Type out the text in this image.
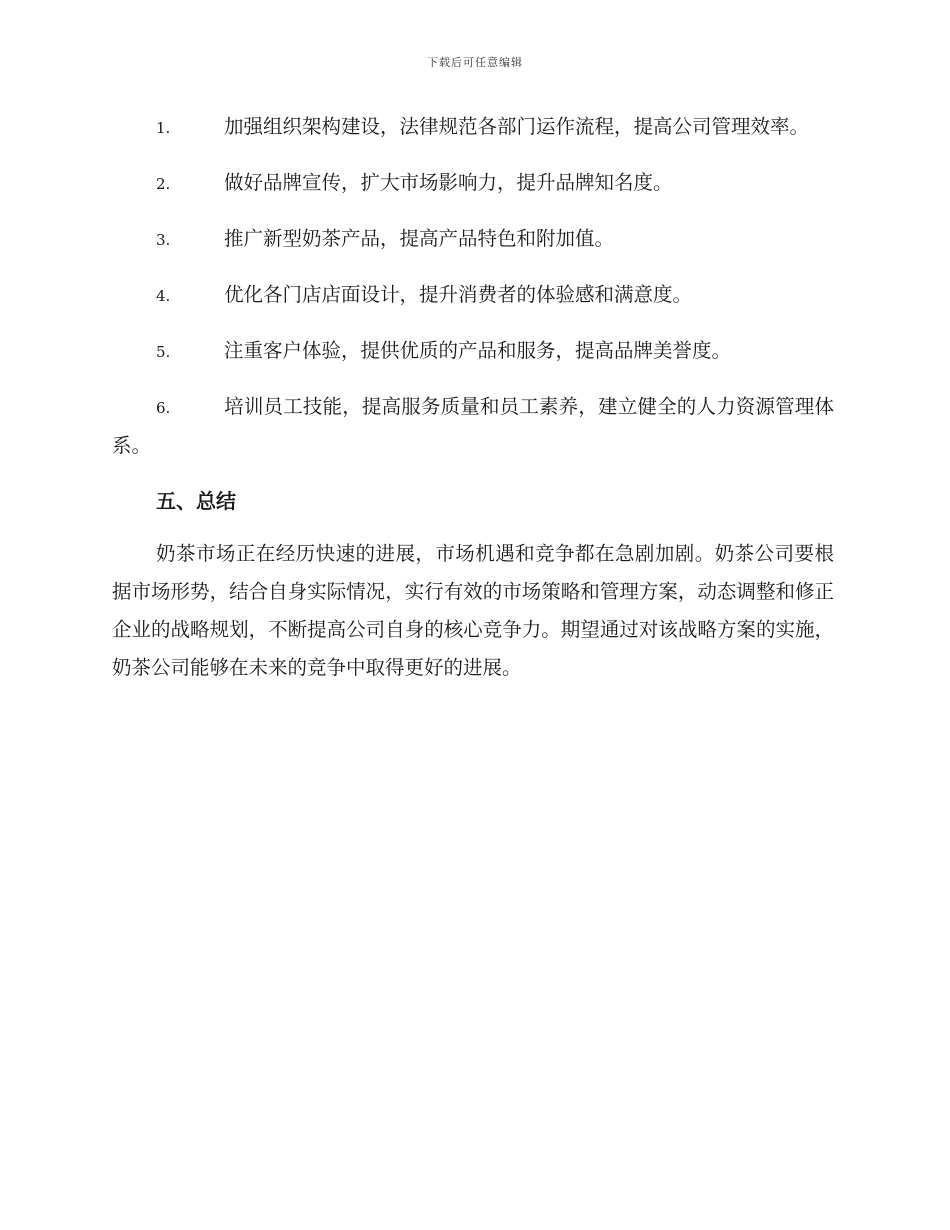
下载后可任意编辑

1.	加强组织架构建设，法律规范各部门运作流程，提高公司管理效率。

2.	做好品牌宣传，扩大市场影响力，提升品牌知名度。

3.	推广新型奶茶产品，提高产品特色和附加值。

4.	优化各门店店面设计，提升消费者的体验感和满意度。

5.	注重客户体验，提供优质的产品和服务，提高品牌美誉度。

6.	培训员工技能，提高服务质量和员工素养，建立健全的人力资源管理体系。

五、总结

奶茶市场正在经历快速的进展，市场机遇和竞争都在急剧加剧。奶茶公司要根据市场形势，结合自身实际情况，实行有效的市场策略和管理方案，动态调整和修正企业的战略规划，不断提高公司自身的核心竞争力。期望通过对该战略方案的实施，奶茶公司能够在未来的竞争中取得更好的进展。
